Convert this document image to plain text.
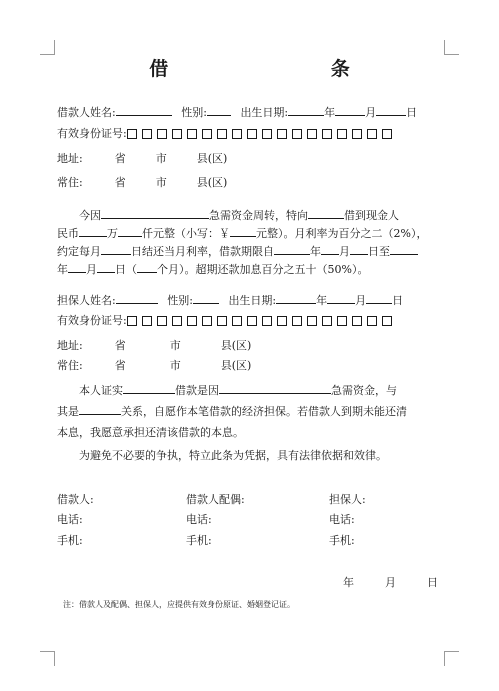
借 条
借款人姓名:	性别:	出生日期:	年	月	日
有效身份证号:
地址:	省	市	县(区)
常住:	省	市	县(区)
今因	急需资金周转，特向	借到现金人
民币	万 仟元整（小写：￥ 元整）。月利率为百分之二（2%），
约定每月	日结还当月利率，借款期限自	年 月 日至
年 月 日（ 个月）。超期还款加息百分之五十（50%）。
担保人姓名:	性别:	出生日期:	年	月 日
有效身份证号:
地址:	省	市	县(区)
常住:	省	市	县(区)
本人证实	借款是因	急需资金，与
其是	关系，自愿作本笔借款的经济担保。若借款人到期未能还清
本息，我愿意承担还清该借款的本息。
为避免不必要的争执，特立此条为凭据，具有法律依据和效律。
借款人:	借款人配偶:	担保人:
电话:	电话:	电话:
手机:	手机:	手机:
年	月	日
注：借款人及配偶、担保人，应提供有效身份原证、婚姻登记证。
